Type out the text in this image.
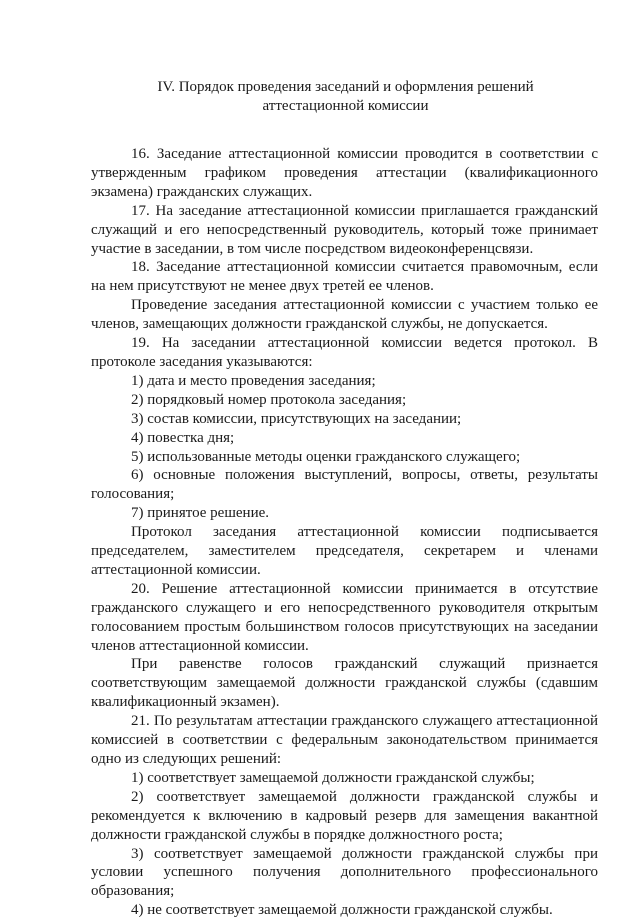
IV. Порядок проведения заседаний и оформления решений
аттестационной комиссии

16. Заседание аттестационной комиссии проводится в соответствии с утвержденным графиком проведения аттестации (квалификационного экзамена) гражданских служащих.

17. На заседание аттестационной комиссии приглашается гражданский служащий и его непосредственный руководитель, который тоже принимает участие в заседании, в том числе посредством видеоконференцсвязи.

18. Заседание аттестационной комиссии считается правомочным, если на нем присутствуют не менее двух третей ее членов.

Проведение заседания аттестационной комиссии с участием только ее членов, замещающих должности гражданской службы, не допускается.

19. На заседании аттестационной комиссии ведется протокол. В протоколе заседания указываются:

1) дата и место проведения заседания;

2) порядковый номер протокола заседания;

3) состав комиссии, присутствующих на заседании;

4) повестка дня;

5) использованные методы оценки гражданского служащего;

6) основные положения выступлений, вопросы, ответы, результаты голосования;

7) принятое решение.

Протокол заседания аттестационной комиссии подписывается председателем, заместителем председателя, секретарем и членами аттестационной комиссии.

20. Решение аттестационной комиссии принимается в отсутствие гражданского служащего и его непосредственного руководителя открытым голосованием простым большинством голосов присутствующих на заседании членов аттестационной комиссии.

При равенстве голосов гражданский служащий признается соответствующим замещаемой должности гражданской службы (сдавшим квалификационный экзамен).

21. По результатам аттестации гражданского служащего аттестационной комиссией в соответствии с федеральным законодательством принимается одно из следующих решений:

1) соответствует замещаемой должности гражданской службы;

2) соответствует замещаемой должности гражданской службы и рекомендуется к включению в кадровый резерв для замещения вакантной должности гражданской службы в порядке должностного роста;

3) соответствует замещаемой должности гражданской службы при условии успешного получения дополнительного профессионального образования;

4) не соответствует замещаемой должности гражданской службы.
